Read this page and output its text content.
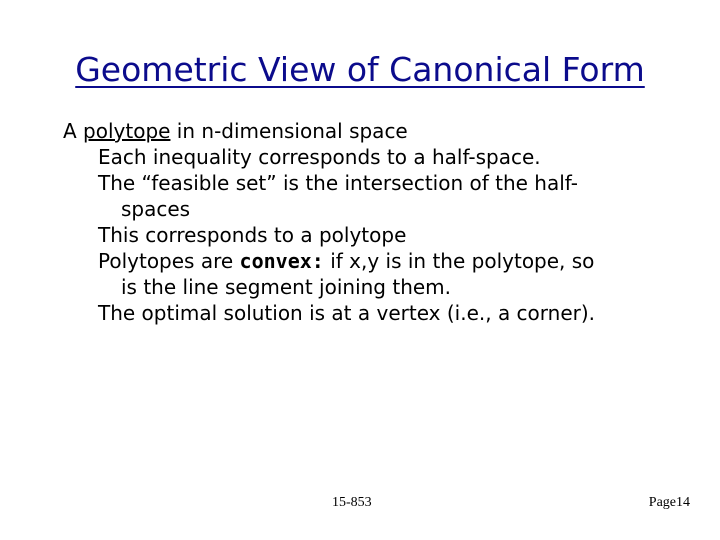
Geometric View of Canonical Form

A polytope in n-dimensional space

Each inequality corresponds to a half-space.

The “feasible set” is the intersection of the half-

spaces

This corresponds to a polytope

Polytopes are convex: if x,y is in the polytope, so

is the line segment joining them.

The optimal solution is at a vertex (i.e., a corner).

15-853	Page14
